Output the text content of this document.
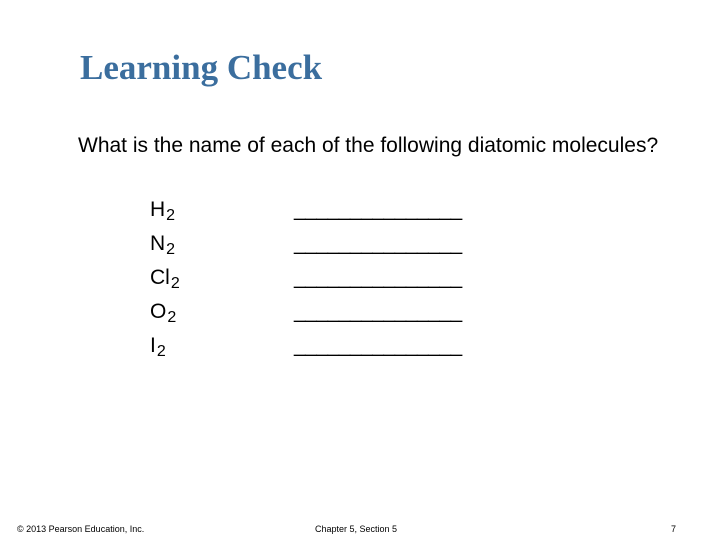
Learning Check

What is the name of each of the following diatomic molecules?

H2	_______________
N2	_______________
Cl2	_______________
O2	_______________
I2	_______________
© 2013 Pearson Education, Inc.	Chapter 5, Section 5	7
